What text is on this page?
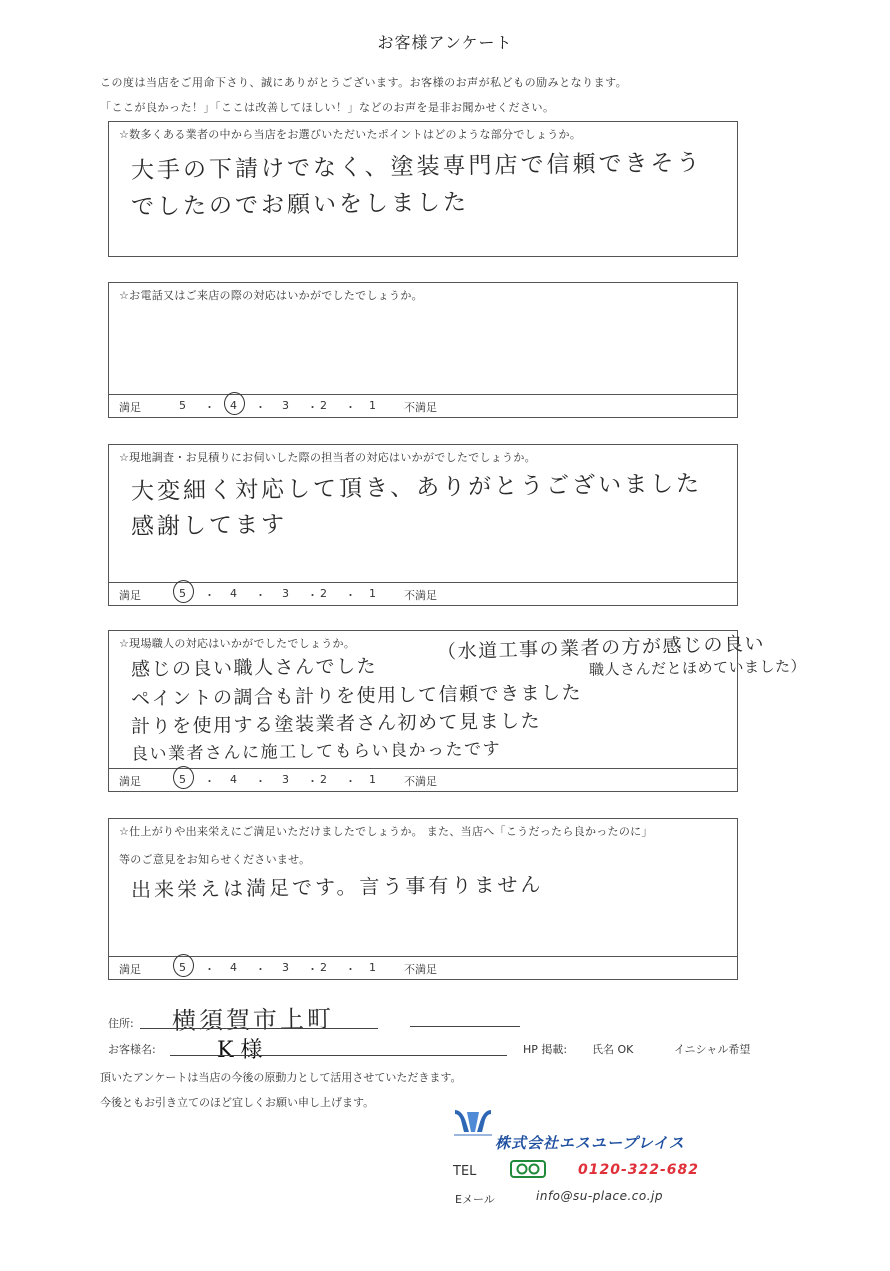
お客様アンケート
この度は当店をご用命下さり、誠にありがとうございます。お客様のお声が私どもの励みとなります。
「ここが良かった！」「ここは改善してほしい！」などのお声を是非お聞かせください。
☆数多くある業者の中から当店をお選びいただいたポイントはどのような部分でしょうか。
大手の下請けでなく、塗装専門店で信頼できそう
でしたのでお願いをしました
☆お電話又はご来店の際の対応はいかがでしたでしょうか。
満足	5 ・ 4 ・ 3 ・ 2 ・ 1	不満足
☆現地調査・お見積りにお伺いした際の担当者の対応はいかがでしたでしょうか。
大変細く対応して頂き、ありがとうございました
感謝してます
満足	5 ・ 4 ・ 3 ・ 2 ・ 1	不満足
☆現場職人の対応はいかがでしたでしょうか。	（水道工事の業者の方が感じの良い
職人さんだとほめていました）
感じの良い職人さんでした
ペイントの調合も計りを使用して信頼できました
計りを使用する塗装業者さん初めて見ました
良い業者さんに施工してもらい良かったです
満足	5 ・ 4 ・ 3 ・ 2 ・ 1	不満足
☆仕上がりや出来栄えにご満足いただけましたでしょうか。 また、当店へ「こうだったら良かったのに」
等のご意見をお知らせくださいませ。
出来栄えは満足です。言う事有りません
満足	5 ・ 4 ・ 3 ・ 2 ・ 1	不満足
住所: 横須賀市上町
お客様名:	K 様	HP 掲載: 氏名 OK	イニシャル希望
頂いたアンケートは当店の今後の原動力として活用させていただきます。
今後ともお引き立てのほど宜しくお願い申し上げます。
株式会社エスユープレイス
TEL	0120-322-682
Eメール	info@su-place.co.jp
